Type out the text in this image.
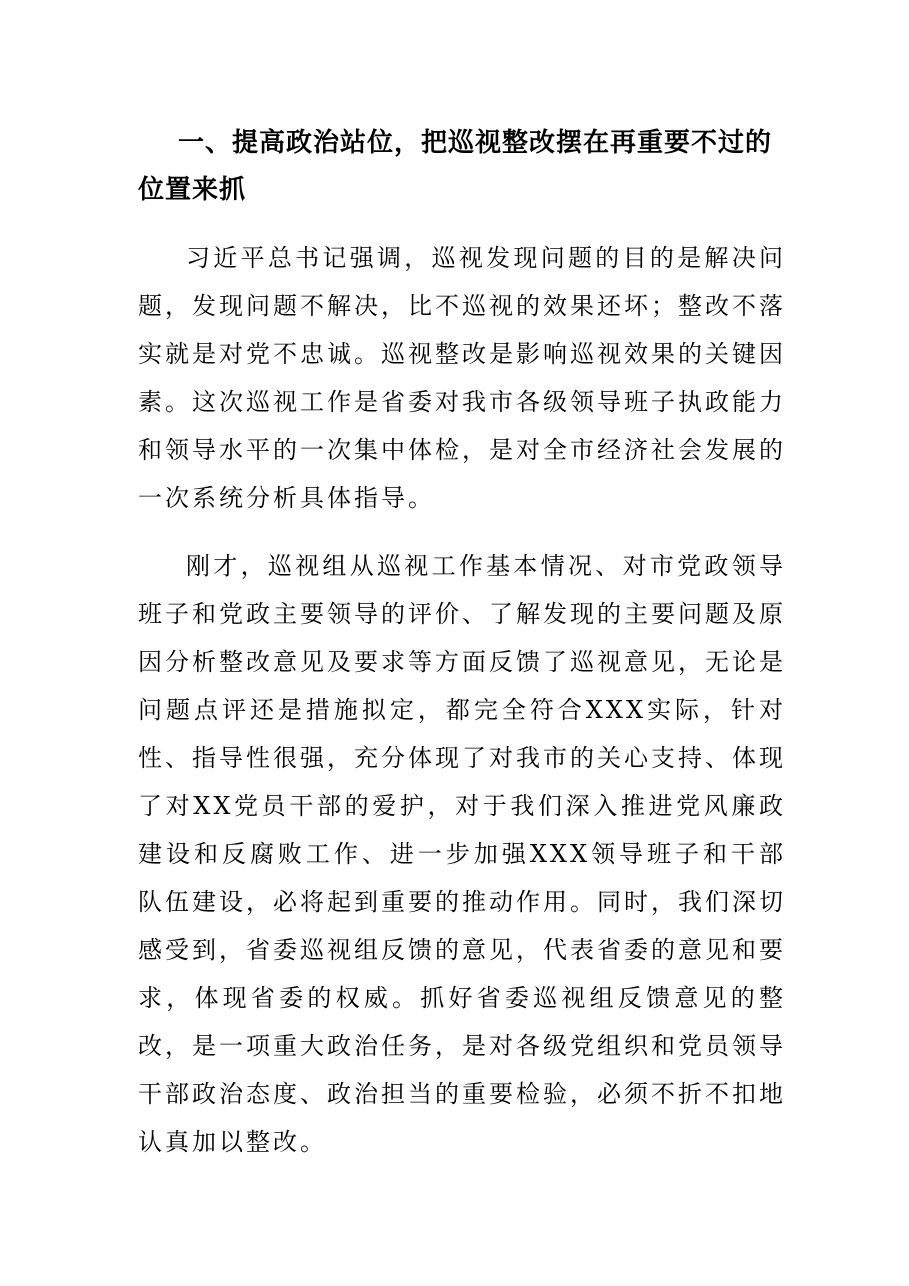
一、提高政治站位，把巡视整改摆在再重要不过的位置来抓

习近平总书记强调，巡视发现问题的目的是解决问题，发现问题不解决，比不巡视的效果还坏；整改不落实就是对党不忠诚。巡视整改是影响巡视效果的关键因素。这次巡视工作是省委对我市各级领导班子执政能力和领导水平的一次集中体检，是对全市经济社会发展的一次系统分析具体指导。

刚才，巡视组从巡视工作基本情况、对市党政领导班子和党政主要领导的评价、了解发现的主要问题及原因分析整改意见及要求等方面反馈了巡视意见，无论是问题点评还是措施拟定，都完全符合XXX实际，针对性、指导性很强，充分体现了对我市的关心支持、体现了对XX党员干部的爱护，对于我们深入推进党风廉政建设和反腐败工作、进一步加强XXX领导班子和干部队伍建设，必将起到重要的推动作用。同时，我们深切感受到，省委巡视组反馈的意见，代表省委的意见和要求，体现省委的权威。抓好省委巡视组反馈意见的整改，是一项重大政治任务，是对各级党组织和党员领导干部政治态度、政治担当的重要检验，必须不折不扣地认真加以整改。
